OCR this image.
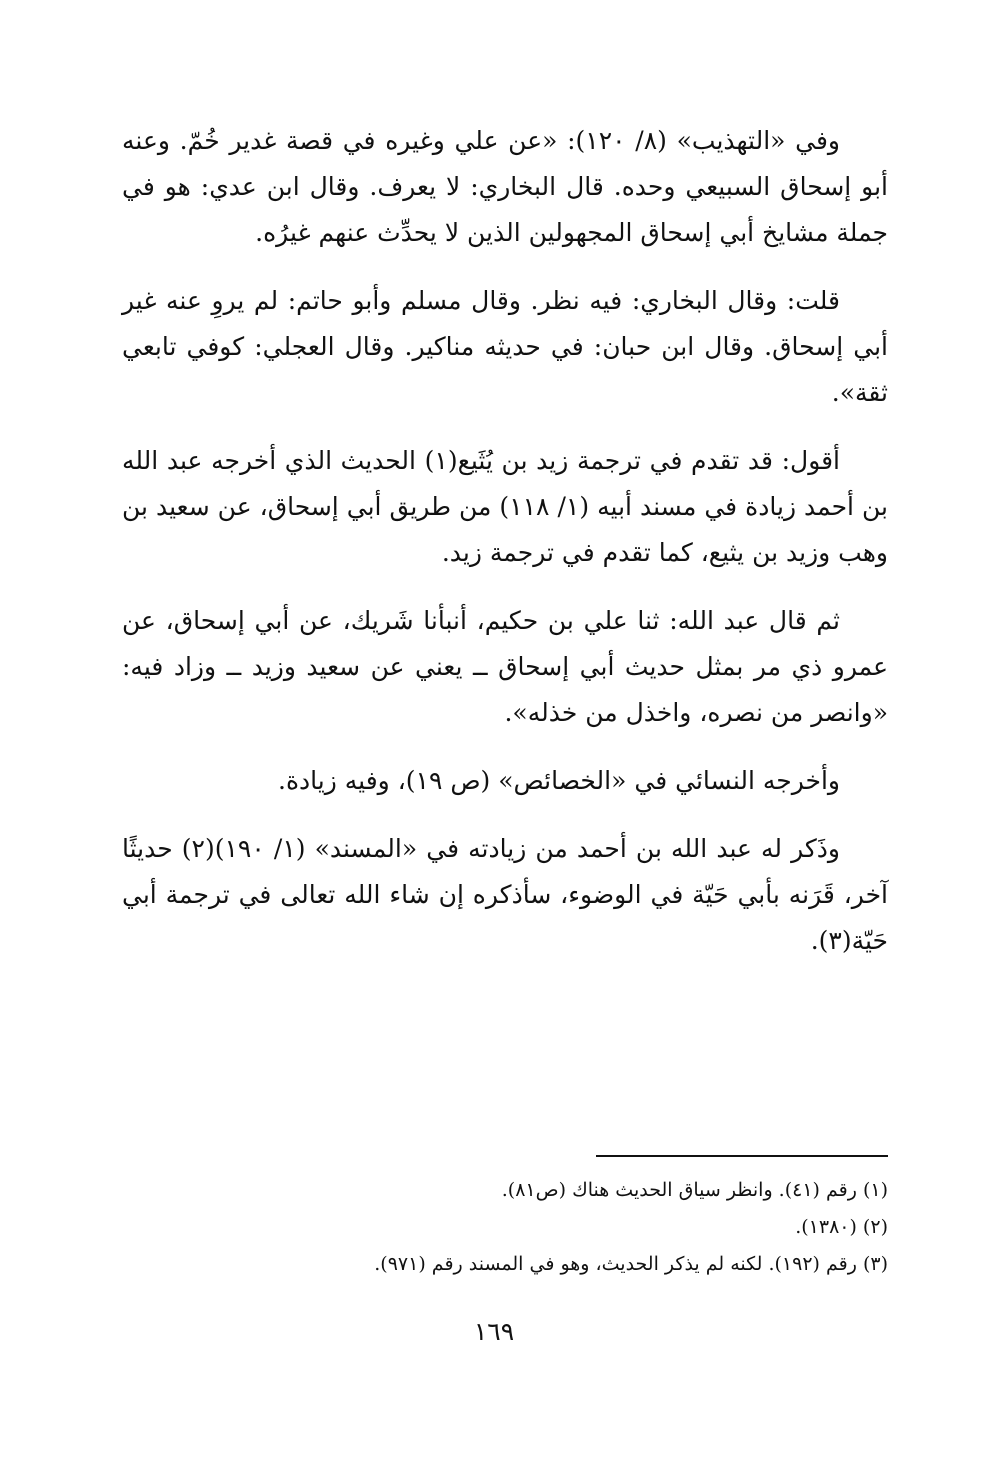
وفي «التهذيب» (٨/ ١٢٠): «عن علي وغيره في قصة غدير خُمّ. وعنه أبو إسحاق السبيعي وحده. قال البخاري: لا يعرف. وقال ابن عدي: هو في جملة مشايخ أبي إسحاق المجهولين الذين لا يحدِّث عنهم غيرُه.

قلت: وقال البخاري: فيه نظر. وقال مسلم وأبو حاتم: لم يروِ عنه غير أبي إسحاق. وقال ابن حبان: في حديثه مناكير. وقال العجلي: كوفي تابعي ثقة».

أقول: قد تقدم في ترجمة زيد بن يُثَيع(١) الحديث الذي أخرجه عبد الله بن أحمد زيادة في مسند أبيه (١/ ١١٨) من طريق أبي إسحاق، عن سعيد بن وهب وزيد بن يثيع، كما تقدم في ترجمة زيد.

ثم قال عبد الله: ثنا علي بن حكيم، أنبأنا شَريك، عن أبي إسحاق، عن عمرو ذي مر بمثل حديث أبي إسحاق ــ يعني عن سعيد وزيد ــ وزاد فيه: «وانصر من نصره، واخذل من خذله».

وأخرجه النسائي في «الخصائص» (ص ١٩)، وفيه زيادة.

وذَكر له عبد الله بن أحمد من زيادته في «المسند» (١/ ١٩٠)(٢) حديثًا آخر، قَرَنه بأبي حَيّة في الوضوء، سأذكره إن شاء الله تعالى في ترجمة أبي حَيّة(٣).

(١) رقم (٤١). وانظر سياق الحديث هناك (ص٨١).

(٢) (١٣٨٠).

(٣) رقم (١٩٢). لكنه لم يذكر الحديث، وهو في المسند رقم (٩٧١).

١٦٩
